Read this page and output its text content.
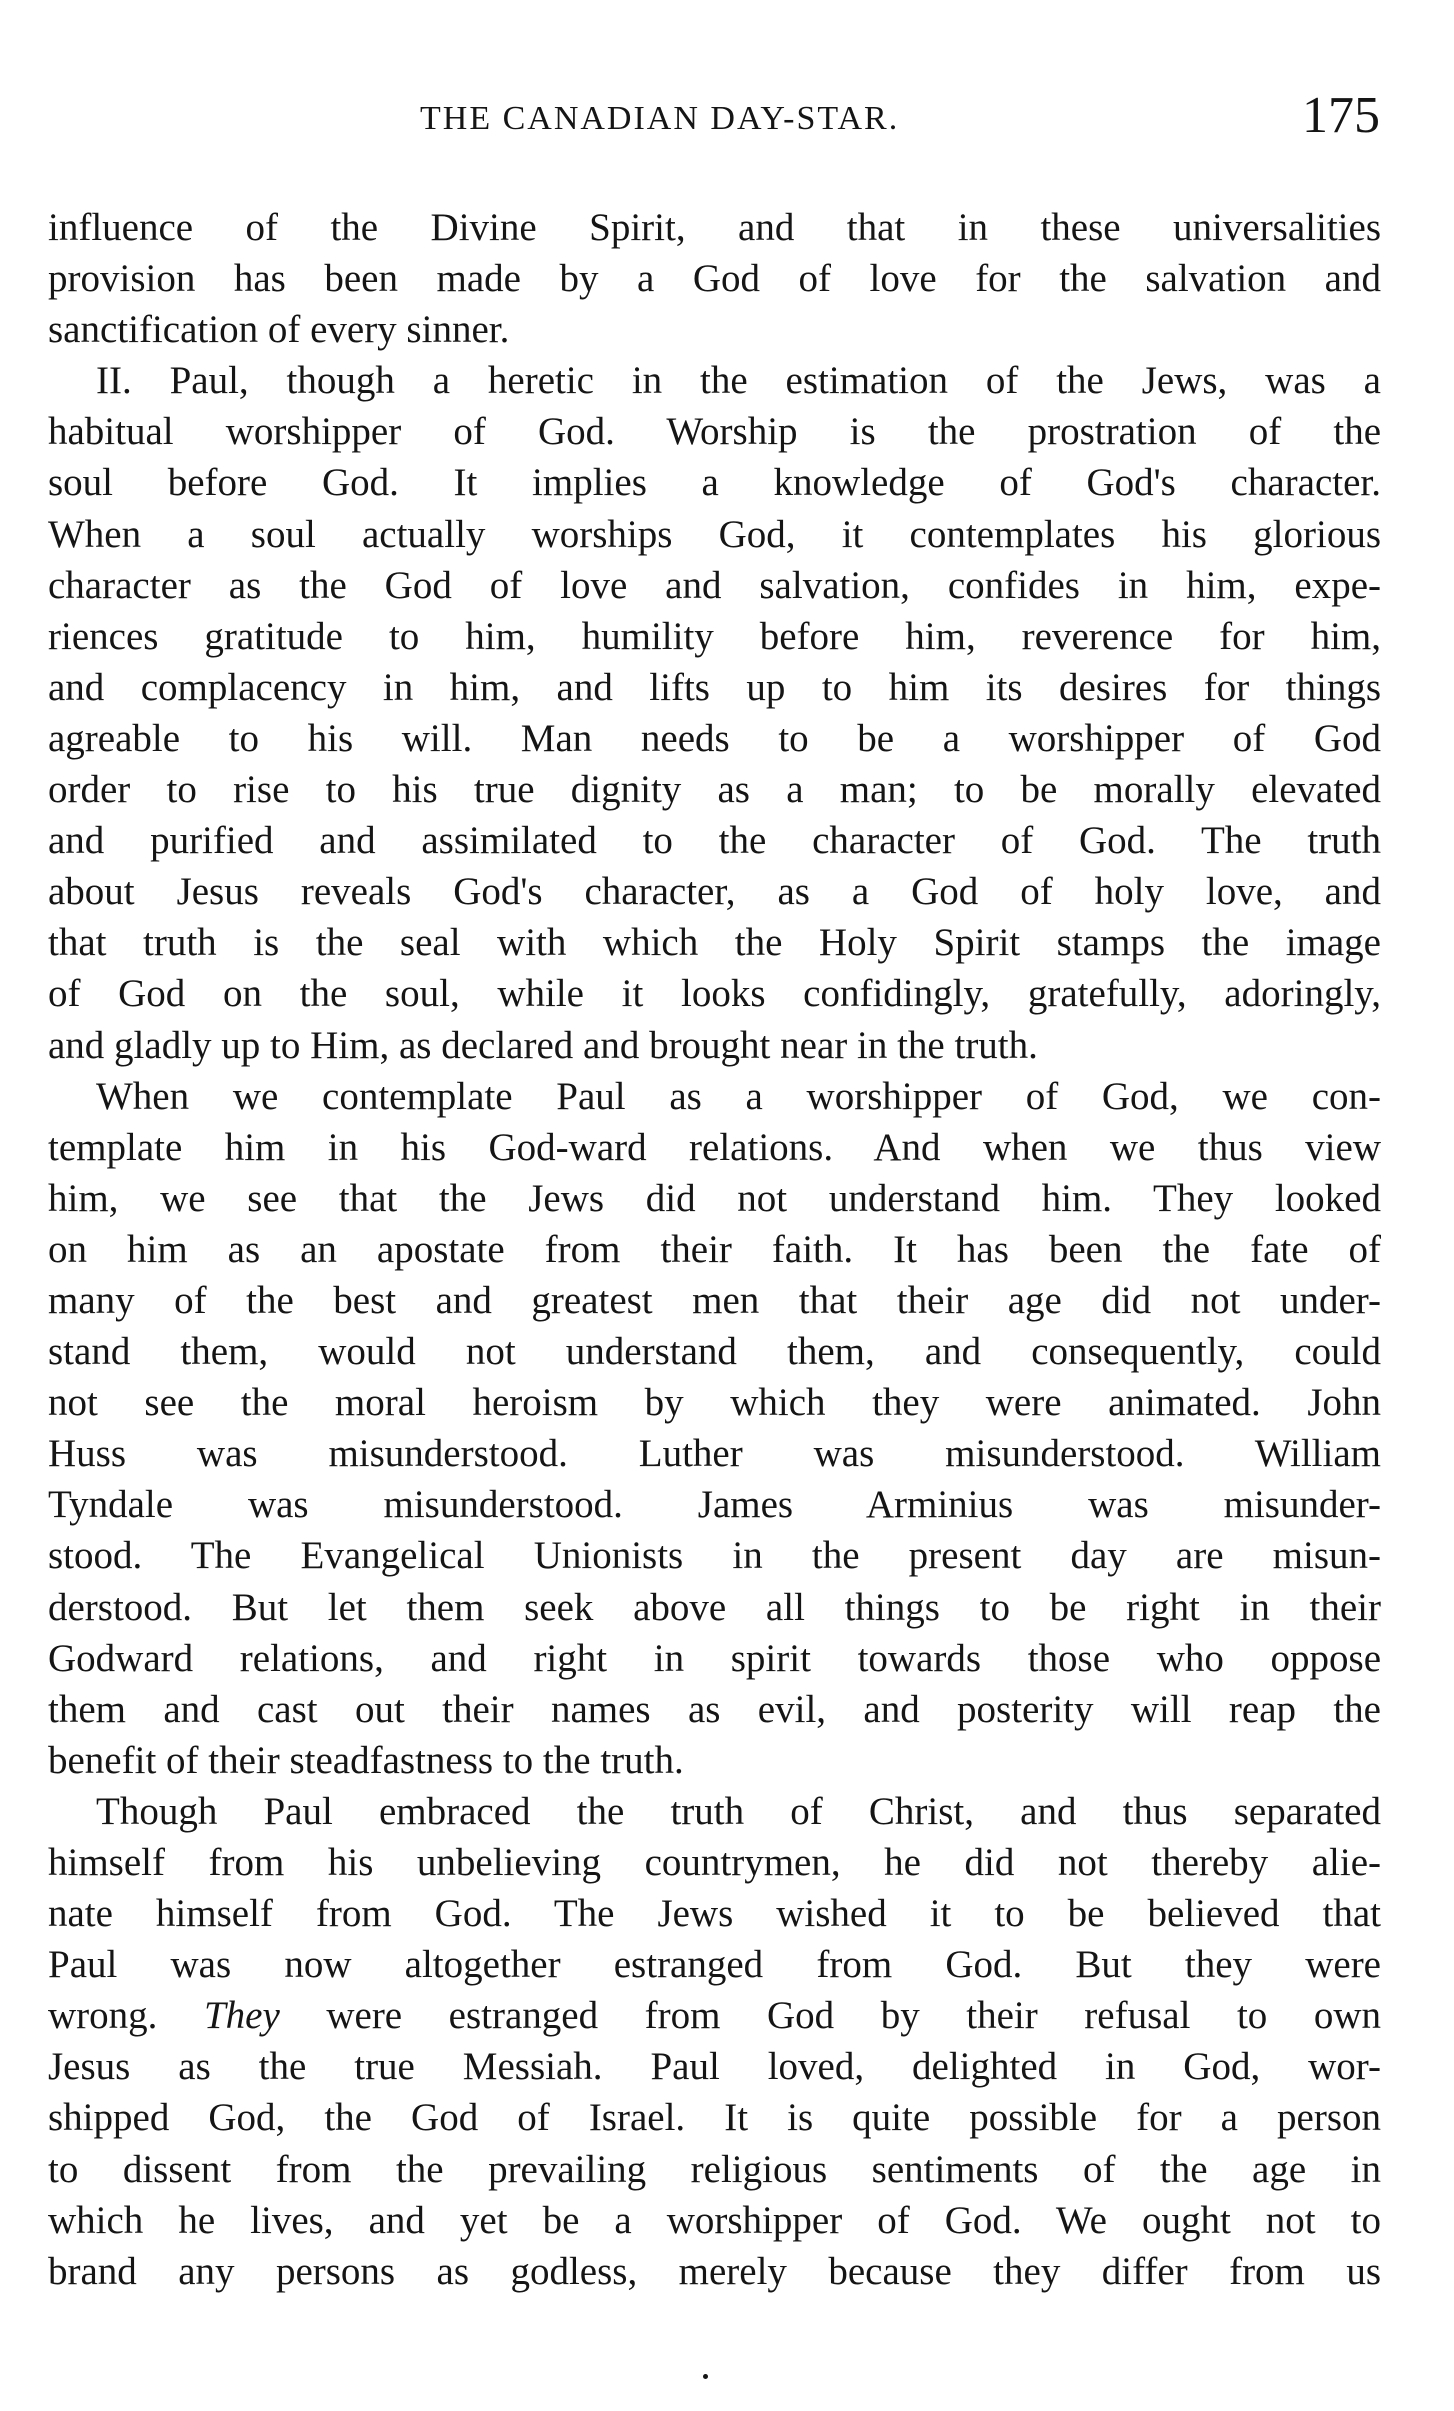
THE CANADIAN DAY-STAR.	175
influence of the Divine Spirit, and that in these universalities
provision has been made by a God of love for the salvation and
sanctification of every sinner.
II. Paul, though a heretic in the estimation of the Jews, was a
habitual worshipper of God. Worship is the prostration of the
soul before God. It implies a knowledge of God's character.
When a soul actually worships God, it contemplates his glorious
character as the God of love and salvation, confides in him, expe-
riences gratitude to him, humility before him, reverence for him,
and complacency in him, and lifts up to him its desires for things
agreable to his will. Man needs to be a worshipper of God
order to rise to his true dignity as a man; to be morally elevated
and purified and assimilated to the character of God. The truth
about Jesus reveals God's character, as a God of holy love, and
that truth is the seal with which the Holy Spirit stamps the image
of God on the soul, while it looks confidingly, gratefully, adoringly,
and gladly up to Him, as declared and brought near in the truth.
When we contemplate Paul as a worshipper of God, we con-
template him in his God-ward relations. And when we thus view
him, we see that the Jews did not understand him. They looked
on him as an apostate from their faith. It has been the fate of
many of the best and greatest men that their age did not under-
stand them, would not understand them, and consequently, could
not see the moral heroism by which they were animated. John
Huss was misunderstood. Luther was misunderstood. William
Tyndale was misunderstood. James Arminius was misunder-
stood. The Evangelical Unionists in the present day are misun-
derstood. But let them seek above all things to be right in their
Godward relations, and right in spirit towards those who oppose
them and cast out their names as evil, and posterity will reap the
benefit of their steadfastness to the truth.
Though Paul embraced the truth of Christ, and thus separated
himself from his unbelieving countrymen, he did not thereby alie-
nate himself from God. The Jews wished it to be believed that
Paul was now altogether estranged from God. But they were
wrong. They were estranged from God by their refusal to own
Jesus as the true Messiah. Paul loved, delighted in God, wor-
shipped God, the God of Israel. It is quite possible for a person
to dissent from the prevailing religious sentiments of the age in
which he lives, and yet be a worshipper of God. We ought not to
brand any persons as godless, merely because they differ from us
